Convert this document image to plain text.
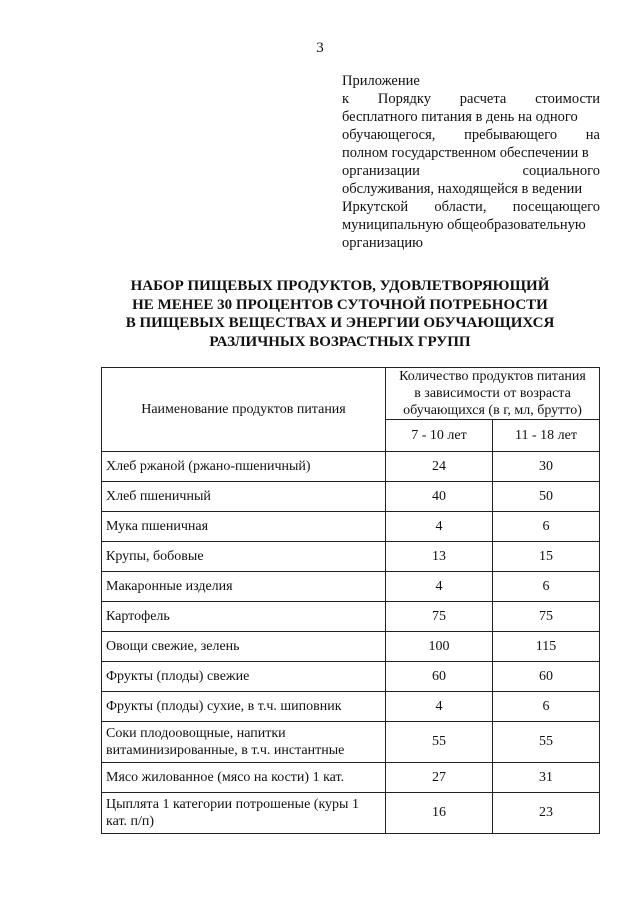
3
Приложение
к Порядку расчета стоимости
бесплатного питания в день на одного
обучающегося, пребывающего на
полном государственном обеспечении в
организации социального
обслуживания, находящейся в ведении
Иркутской области, посещающего
муниципальную общеобразовательную
организацию
НАБОР ПИЩЕВЫХ ПРОДУКТОВ, УДОВЛЕТВОРЯЮЩИЙ
НЕ МЕНЕЕ 30 ПРОЦЕНТОВ СУТОЧНОЙ ПОТРЕБНОСТИ
В ПИЩЕВЫХ ВЕЩЕСТВАХ И ЭНЕРГИИ ОБУЧАЮЩИХСЯ
РАЗЛИЧНЫХ ВОЗРАСТНЫХ ГРУПП
Наименование продуктов питания	Количество продуктов питания
в зависимости от возраста
обучающихся (в г, мл, брутто)	

	7 - 10 лет	11 - 18 лет
Хлеб ржаной (ржано-пшеничный)	24	30
Хлеб пшеничный	40	50
Мука пшеничная	4	6
Крупы, бобовые	13	15
Макаронные изделия	4	6
Картофель	75	75
Овощи свежие, зелень	100	115
Фрукты (плоды) свежие	60	60
Фрукты (плоды) сухие, в т.ч. шиповник	4	6
Соки плодоовощные, напитки витаминизированные, в т.ч. инстантные	55	55
Мясо жилованное (мясо на кости) 1 кат.	27	31
Цыплята 1 категории потрошеные (куры 1 кат. п/п)	16	23
